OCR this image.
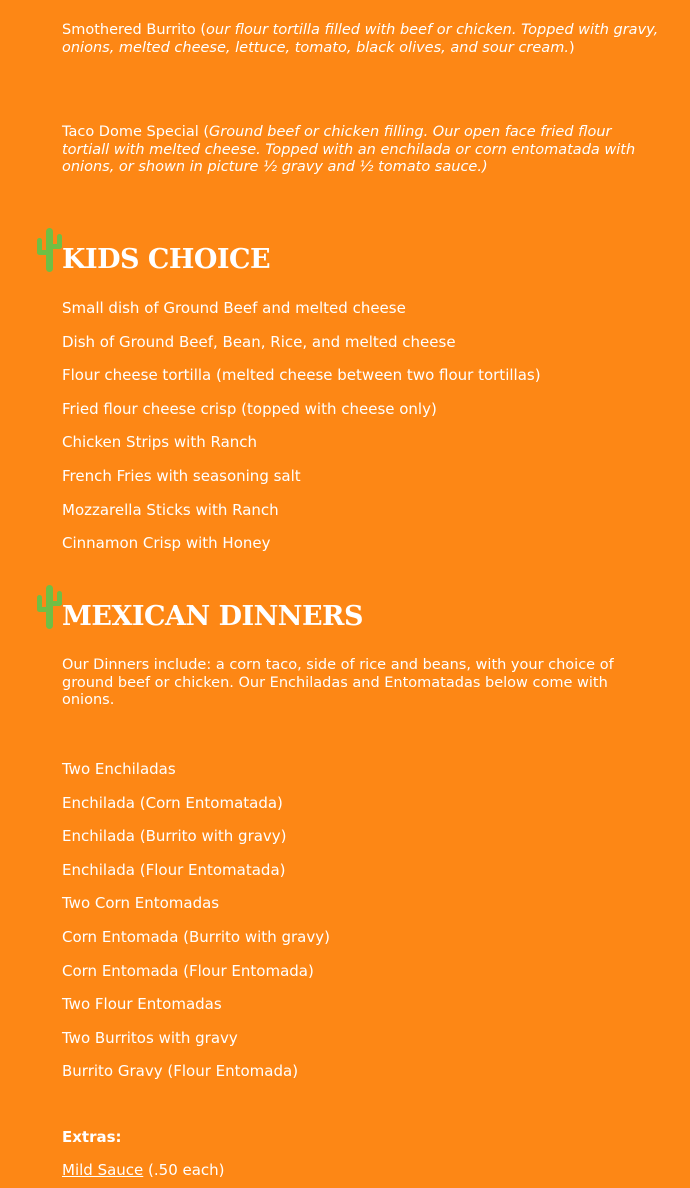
Smothered Burrito (our flour tortilla filled with beef or chicken. Topped with gravy, onions, melted cheese, lettuce, tomato, black olives, and sour cream.)

Taco Dome Special (Ground beef or chicken filling. Our open face fried flour tortiall with melted cheese. Topped with an enchilada or corn entomatada with onions, or shown in picture ½ gravy and ½ tomato sauce.)

KIDS CHOICE
Small dish of Ground Beef and melted cheese
Dish of Ground Beef, Bean, Rice, and melted cheese
Flour cheese tortilla (melted cheese between two flour tortillas)
Fried flour cheese crisp (topped with cheese only)
Chicken Strips with Ranch
French Fries with seasoning salt
Mozzarella Sticks with Ranch
Cinnamon Crisp with Honey
MEXICAN DINNERS

Our Dinners include: a corn taco, side of rice and beans, with your choice of ground beef or chicken. Our Enchiladas and Entomatadas below come with onions.

Two Enchiladas
Enchilada (Corn Entomatada)
Enchilada (Burrito with gravy)
Enchilada (Flour Entomatada)
Two Corn Entomadas
Corn Entomada (Burrito with gravy)
Corn Entomada (Flour Entomada)
Two Flour Entomadas
Two Burritos with gravy
Burrito Gravy (Flour Entomada)
Extras:
Mild Sauce (.50 each)
